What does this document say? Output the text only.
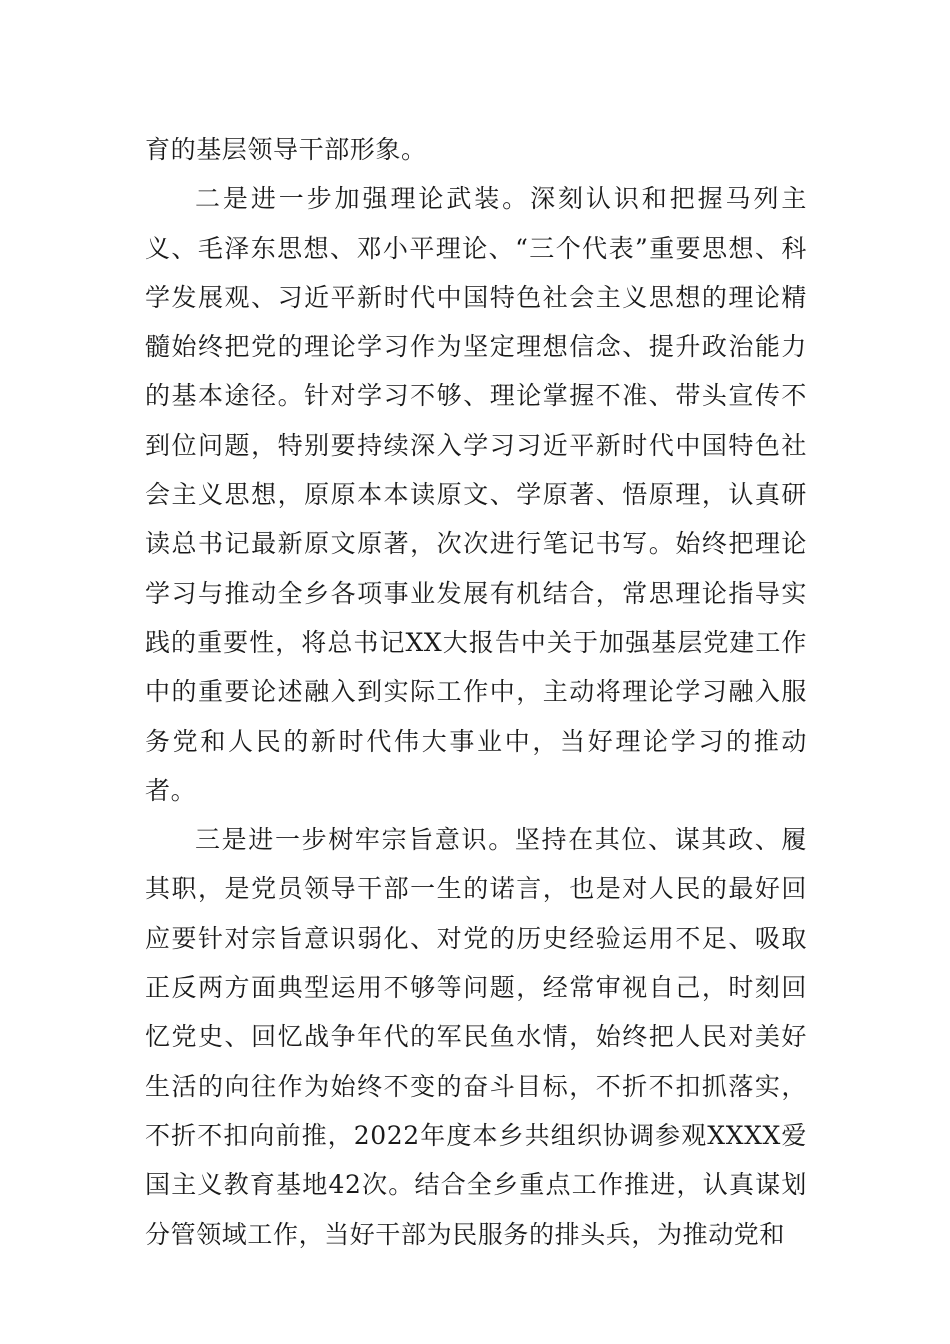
育的基层领导干部形象。

二是进一步加强理论武装。深刻认识和把握马列主义、毛泽东思想、邓小平理论、“三个代表”重要思想、科学发展观、习近平新时代中国特色社会主义思想的理论精髓始终把党的理论学习作为坚定理想信念、提升政治能力的基本途径。针对学习不够、理论掌握不准、带头宣传不到位问题，特别要持续深入学习习近平新时代中国特色社会主义思想，原原本本读原文、学原著、悟原理，认真研读总书记最新原文原著，次次进行笔记书写。始终把理论学习与推动全乡各项事业发展有机结合，常思理论指导实践的重要性，将总书记XX大报告中关于加强基层党建工作中的重要论述融入到实际工作中，主动将理论学习融入服务党和人民的新时代伟大事业中，当好理论学习的推动者。

三是进一步树牢宗旨意识。坚持在其位、谋其政、履其职，是党员领导干部一生的诺言，也是对人民的最好回应要针对宗旨意识弱化、对党的历史经验运用不足、吸取正反两方面典型运用不够等问题，经常审视自己，时刻回忆党史、回忆战争年代的军民鱼水情，始终把人民对美好生活的向往作为始终不变的奋斗目标，不折不扣抓落实，不折不扣向前推，2022年度本乡共组织协调参观XXXX爱国主义教育基地42次。结合全乡重点工作推进，认真谋划分管领域工作，当好干部为民服务的排头兵，为推动党和
